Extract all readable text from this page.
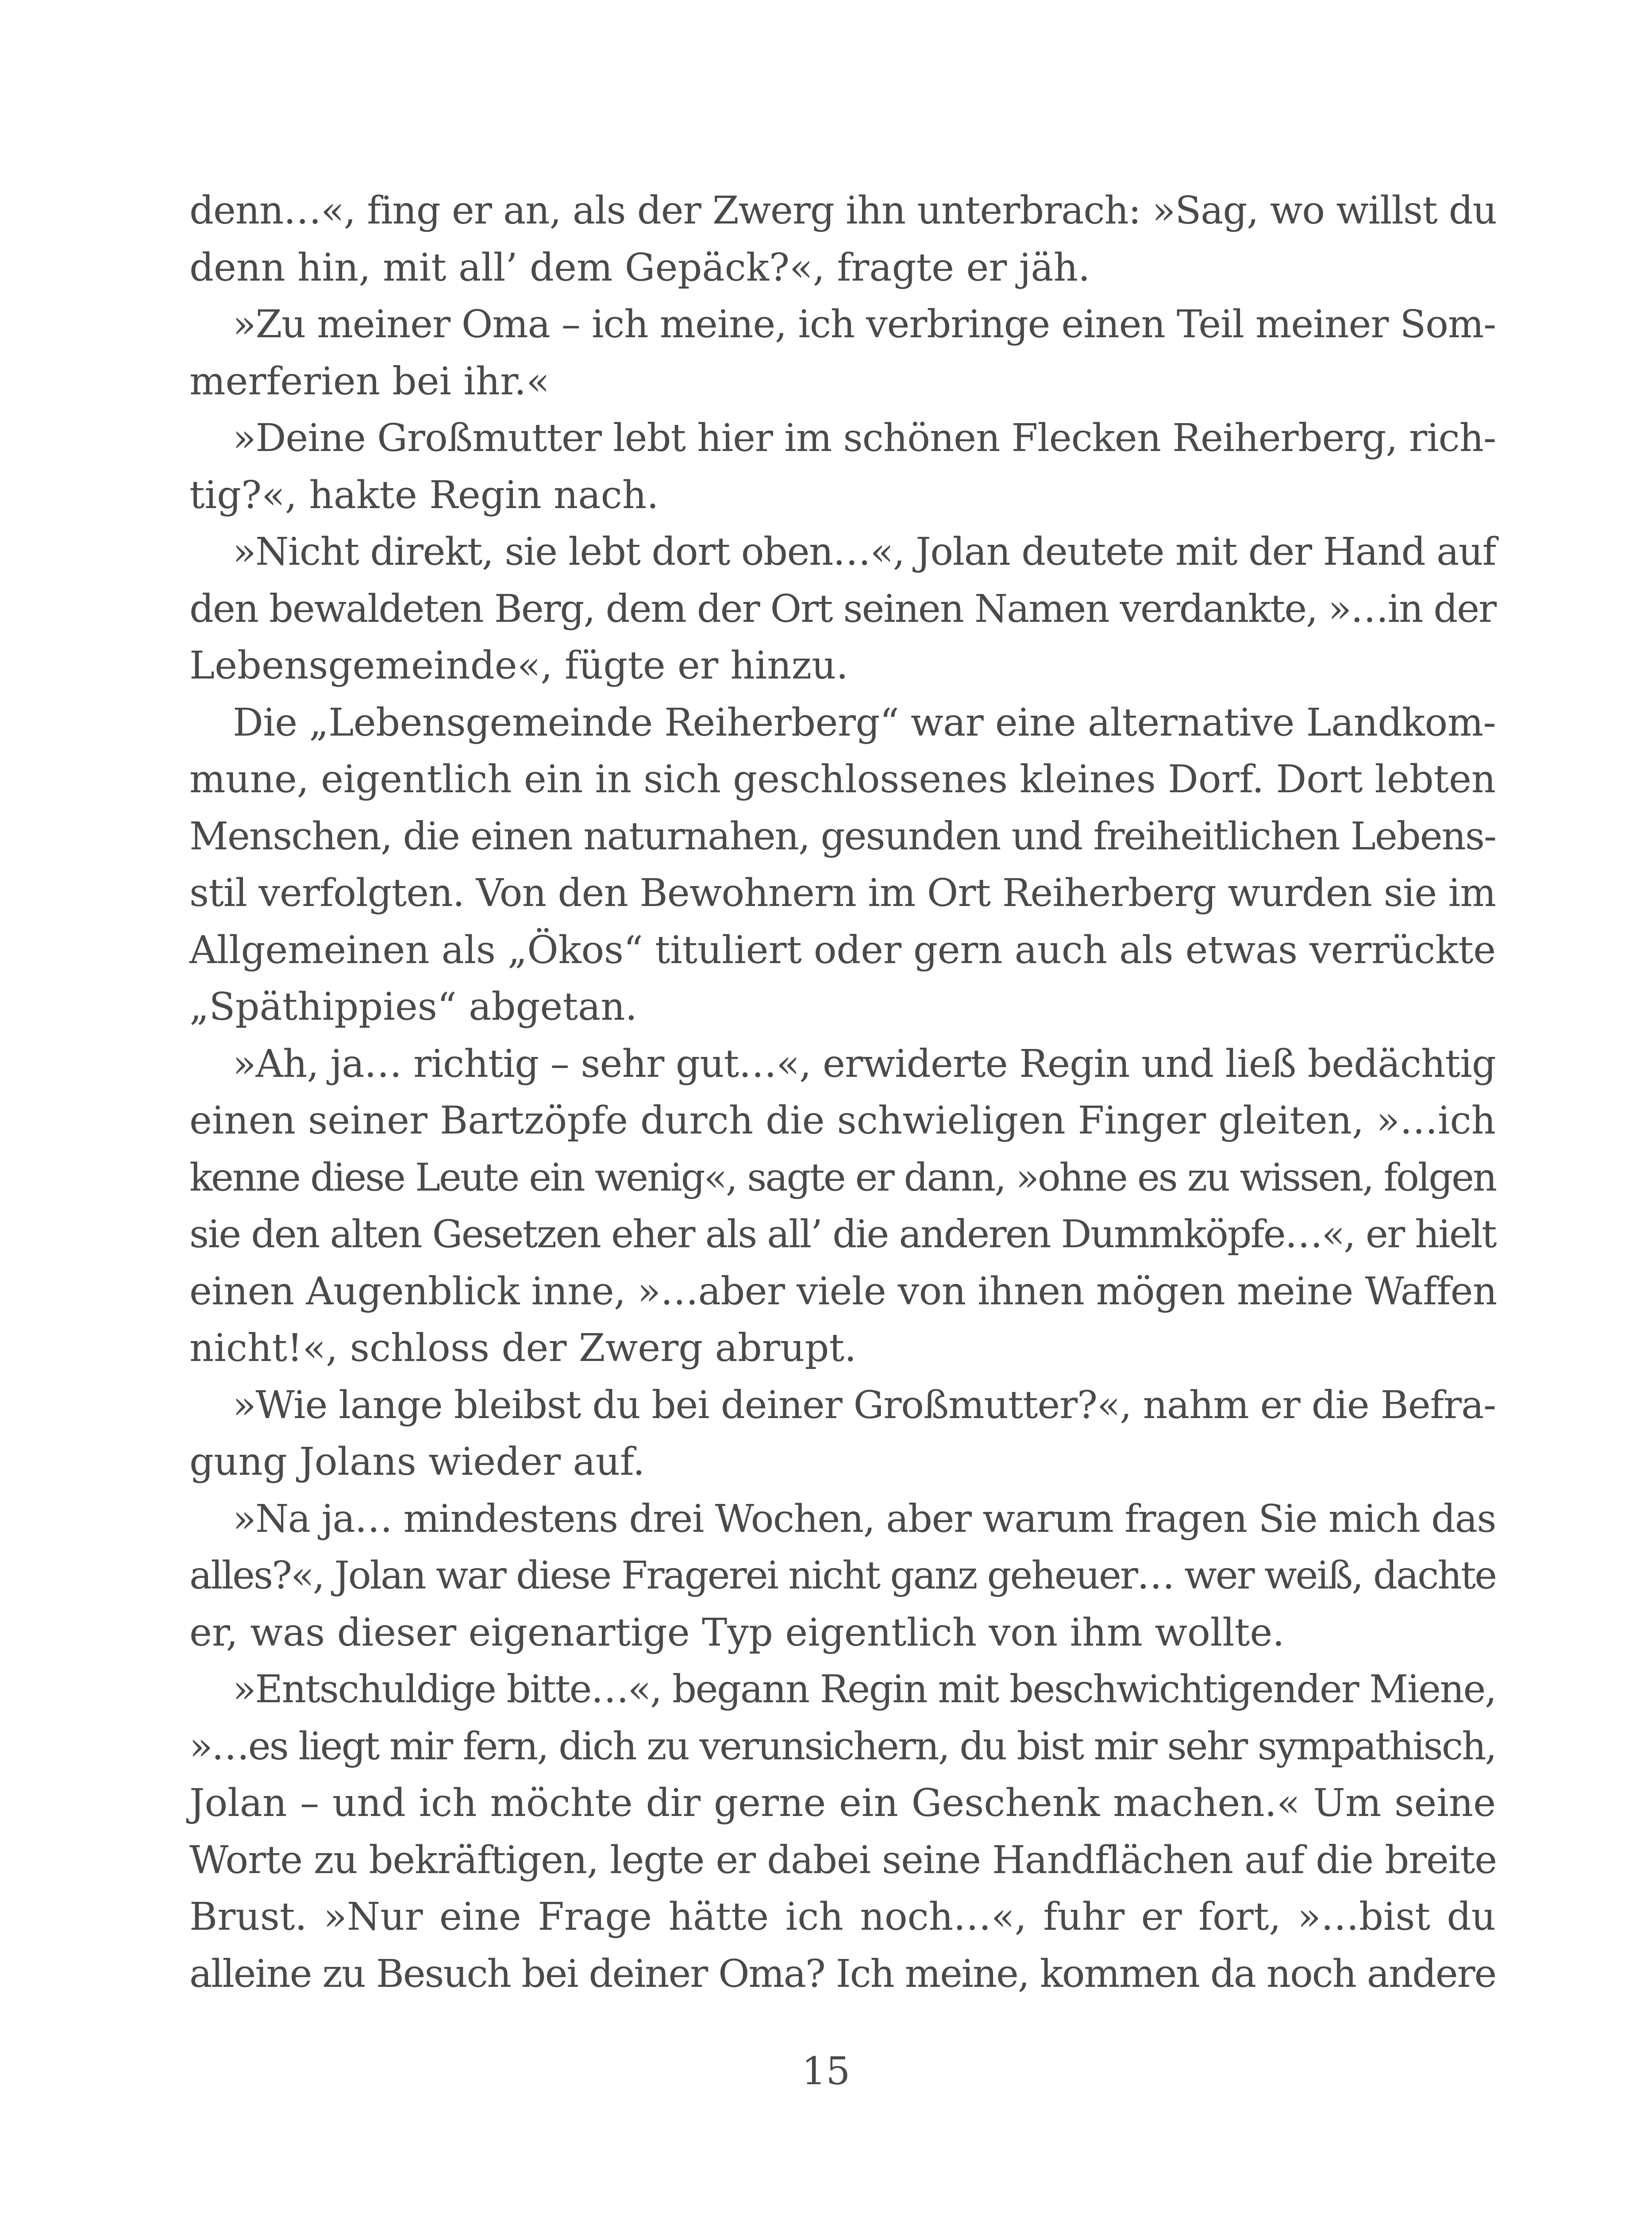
denn…«, fing er an, als der Zwerg ihn unterbrach: »Sag, wo willst du
denn hin, mit all’ dem Gepäck?«, fragte er jäh.
»Zu meiner Oma – ich meine, ich verbringe einen Teil meiner Som-
merferien bei ihr.«
»Deine Großmutter lebt hier im schönen Flecken Reiherberg, rich-
tig?«, hakte Regin nach.
»Nicht direkt, sie lebt dort oben…«, Jolan deutete mit der Hand auf
den bewaldeten Berg, dem der Ort seinen Namen verdankte, »…in der
Lebensgemeinde«, fügte er hinzu.
Die „Lebensgemeinde Reiherberg“ war eine alternative Landkom-
mune, eigentlich ein in sich geschlossenes kleines Dorf. Dort lebten
Menschen, die einen naturnahen, gesunden und freiheitlichen Lebens-
stil verfolgten. Von den Bewohnern im Ort Reiherberg wurden sie im
Allgemeinen als „Ökos“ tituliert oder gern auch als etwas verrückte
„Späthippies“ abgetan.
»Ah, ja… richtig – sehr gut…«, erwiderte Regin und ließ bedächtig
einen seiner Bartzöpfe durch die schwieligen Finger gleiten, »…ich
kenne diese Leute ein wenig«, sagte er dann, »ohne es zu wissen, folgen
sie den alten Gesetzen eher als all’ die anderen Dummköpfe…«, er hielt
einen Augenblick inne, »…aber viele von ihnen mögen meine Waffen
nicht!«, schloss der Zwerg abrupt.
»Wie lange bleibst du bei deiner Großmutter?«, nahm er die Befra-
gung Jolans wieder auf.
»Na ja… mindestens drei Wochen, aber warum fragen Sie mich das
alles?«, Jolan war diese Fragerei nicht ganz geheuer… wer weiß, dachte
er, was dieser eigenartige Typ eigentlich von ihm wollte.
»Entschuldige bitte…«, begann Regin mit beschwichtigender Miene,
»…es liegt mir fern, dich zu verunsichern, du bist mir sehr sympathisch,
Jolan – und ich möchte dir gerne ein Geschenk machen.« Um seine
Worte zu bekräftigen, legte er dabei seine Handflächen auf die breite
Brust. »Nur eine Frage hätte ich noch…«, fuhr er fort, »…bist du
alleine zu Besuch bei deiner Oma? Ich meine, kommen da noch andere
15
